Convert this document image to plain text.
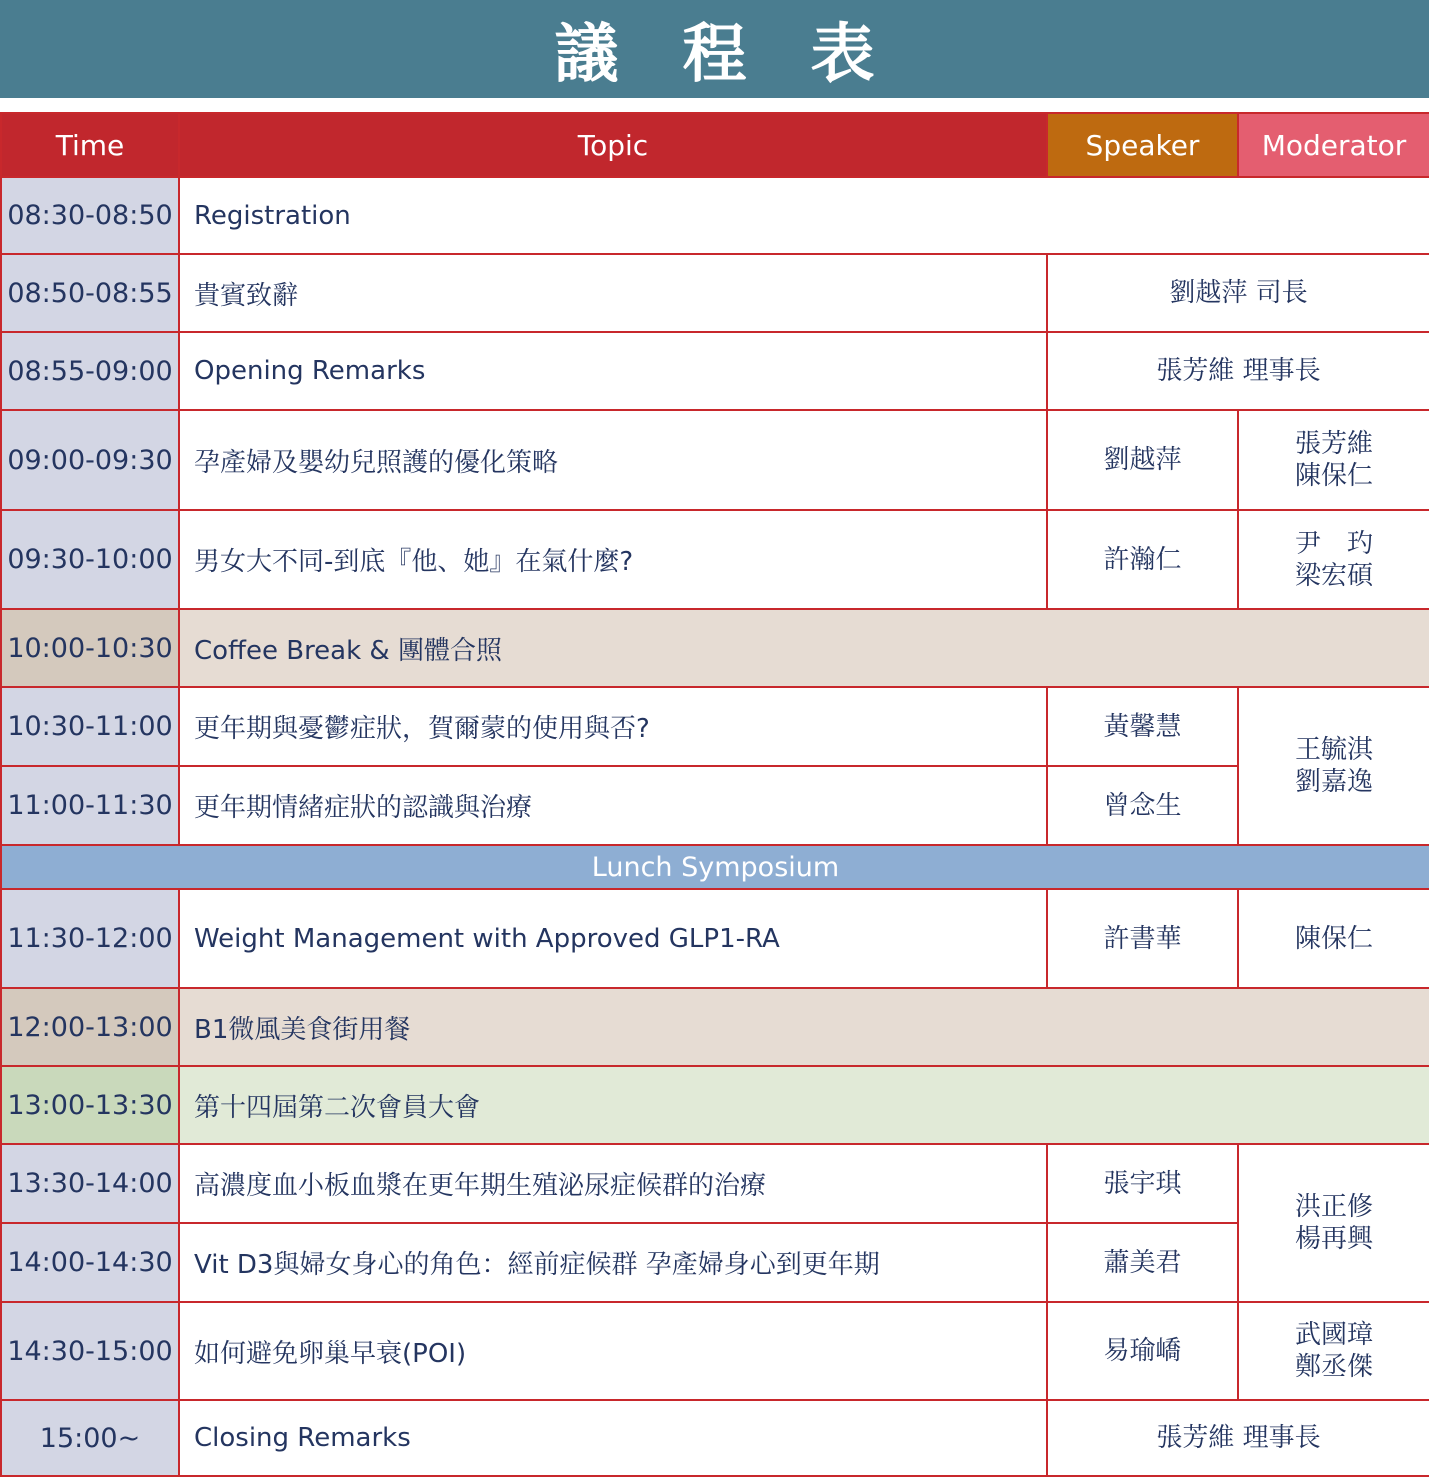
議程表
Time	Topic	Speaker	Moderator
08:30-08:50	Registration		
08:50-08:55	貴賓致辭	劉越萍 司長	
08:55-09:00	Opening Remarks	張芳維 理事長	
09:00-09:30	孕產婦及嬰幼兒照護的優化策略	劉越萍	張芳維
陳保仁
09:30-10:00	男女大不同-到底『他、她』在氣什麼?	許瀚仁	尹　玓
梁宏碩
10:00-10:30	Coffee Break & 團體合照		
10:30-11:00	更年期與憂鬱症狀，賀爾蒙的使用與否?	黃馨慧	王毓淇
劉嘉逸
11:00-11:30	更年期情緒症狀的認識與治療	曾念生	
Lunch Symposium			
11:30-12:00	Weight Management with Approved GLP1-RA	許書華	陳保仁
12:00-13:00	B1微風美食街用餐		
13:00-13:30	第十四屆第二次會員大會		
13:30-14:00	高濃度血小板血漿在更年期生殖泌尿症候群的治療	張宇琪	洪正修
楊再興
14:00-14:30	Vit D3與婦女身心的角色：經前症候群 孕產婦身心到更年期	蕭美君	
14:30-15:00	如何避免卵巢早衰(POI)	易瑜嶠	武國璋
鄭丞傑
15:00~	Closing Remarks	張芳維 理事長	
